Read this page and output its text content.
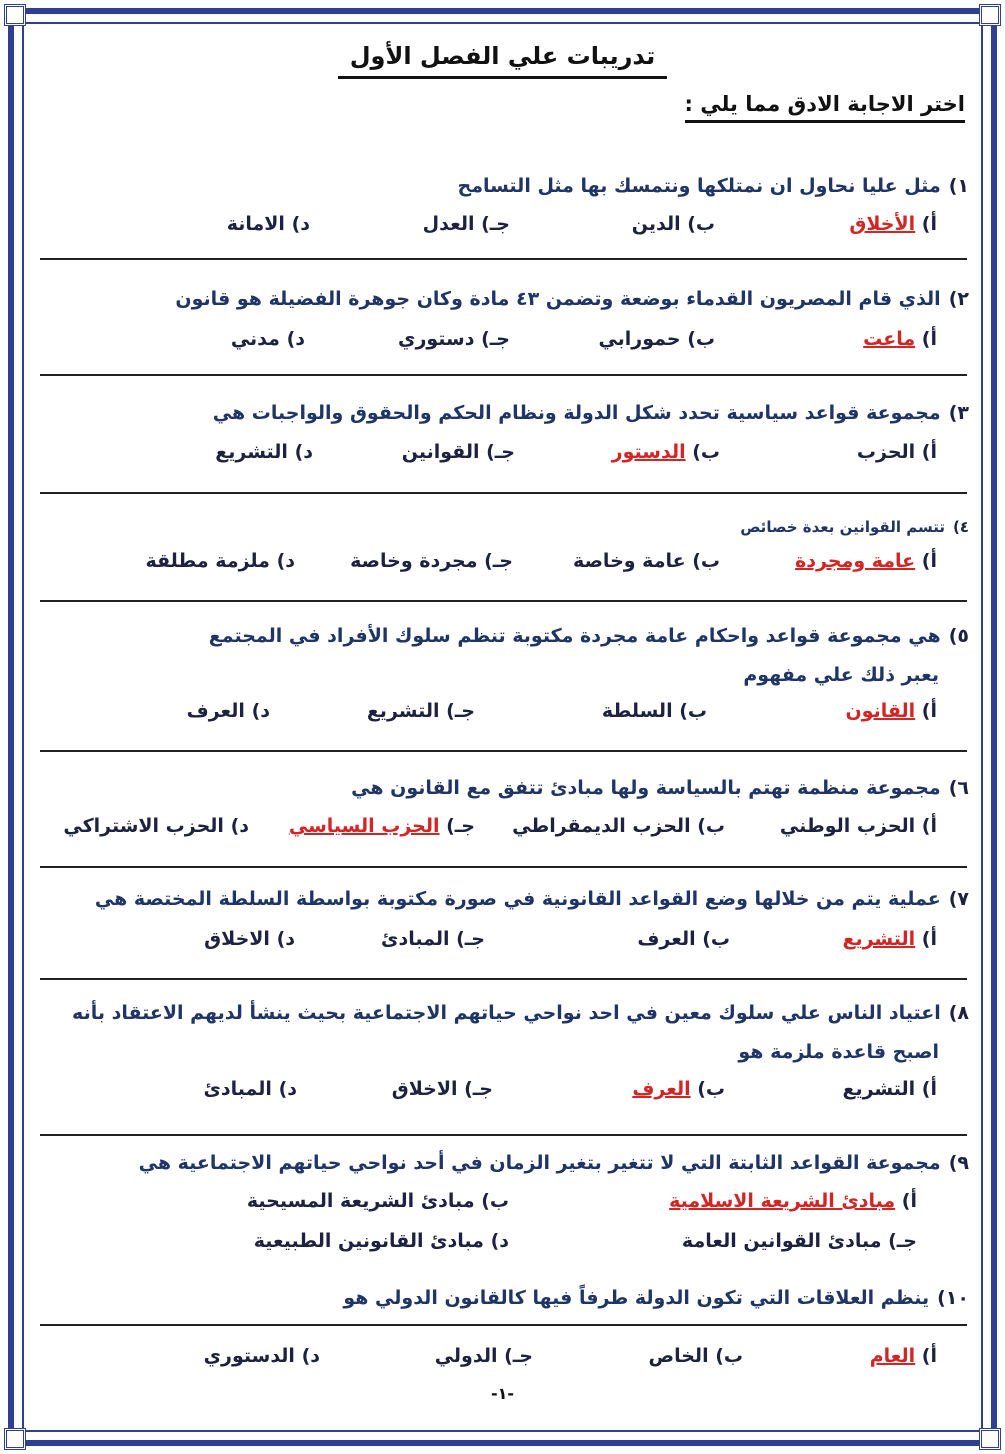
تدريبات علي الفصل الأول
اختر الاجابة الادق مما يلي :
١)مثل عليا نحاول ان نمتلكها ونتمسك بها مثل التسامح
أ) الأخلاق
ب) الدين
جـ) العدل
د) الامانة
٢)الذي قام المصريون القدماء بوضعة وتضمن ٤٣ مادة وكان جوهرة الفضيلة هو قانون
أ) ماعت
ب) حمورابي
جـ) دستوري
د) مدني
٣)مجموعة قواعد سياسية تحدد شكل الدولة ونظام الحكم والحقوق والواجبات هي
أ) الحزب
ب) الدستور
جـ) القوانين
د) التشريع
٤)تتسم القوانين بعدة خصائص
أ) عامة ومجردة
ب) عامة وخاصة
جـ) مجردة وخاصة
د) ملزمة مطلقة
٥)هي مجموعة قواعد واحكام عامة مجردة مكتوبة تنظم سلوك الأفراد في المجتمع
يعبر ذلك علي مفهوم
أ) القانون
ب) السلطة
جـ) التشريع
د) العرف
٦)مجموعة منظمة تهتم بالسياسة ولها مبادئ تتفق مع القانون هي
أ) الحزب الوطني
ب) الحزب الديمقراطي
جـ) الحزب السياسي
د) الحزب الاشتراكي
٧)عملية يتم من خلالها وضع القواعد القانونية في صورة مكتوبة بواسطة السلطة المختصة هي
أ) التشريع
ب) العرف
جـ) المبادئ
د) الاخلاق
٨)اعتياد الناس علي سلوك معين في احد نواحي حياتهم الاجتماعية بحيث ينشأ لديهم الاعتقاد بأنه
اصبح قاعدة ملزمة هو
أ) التشريع
ب) العرف
جـ) الاخلاق
د) المبادئ
٩)مجموعة القواعد الثابتة التي لا تتغير بتغير الزمان في أحد نواحي حياتهم الاجتماعية هي
أ) مبادئ الشريعة الاسلامية
ب) مبادئ الشريعة المسيحية
جـ) مبادئ القوانين العامة
د) مبادئ القانونين الطبيعية
١٠)ينظم العلاقات التي تكون الدولة طرفاً فيها كالقانون الدولي هو
أ) العام
ب) الخاص
جـ) الدولي
د) الدستوري
-١-
